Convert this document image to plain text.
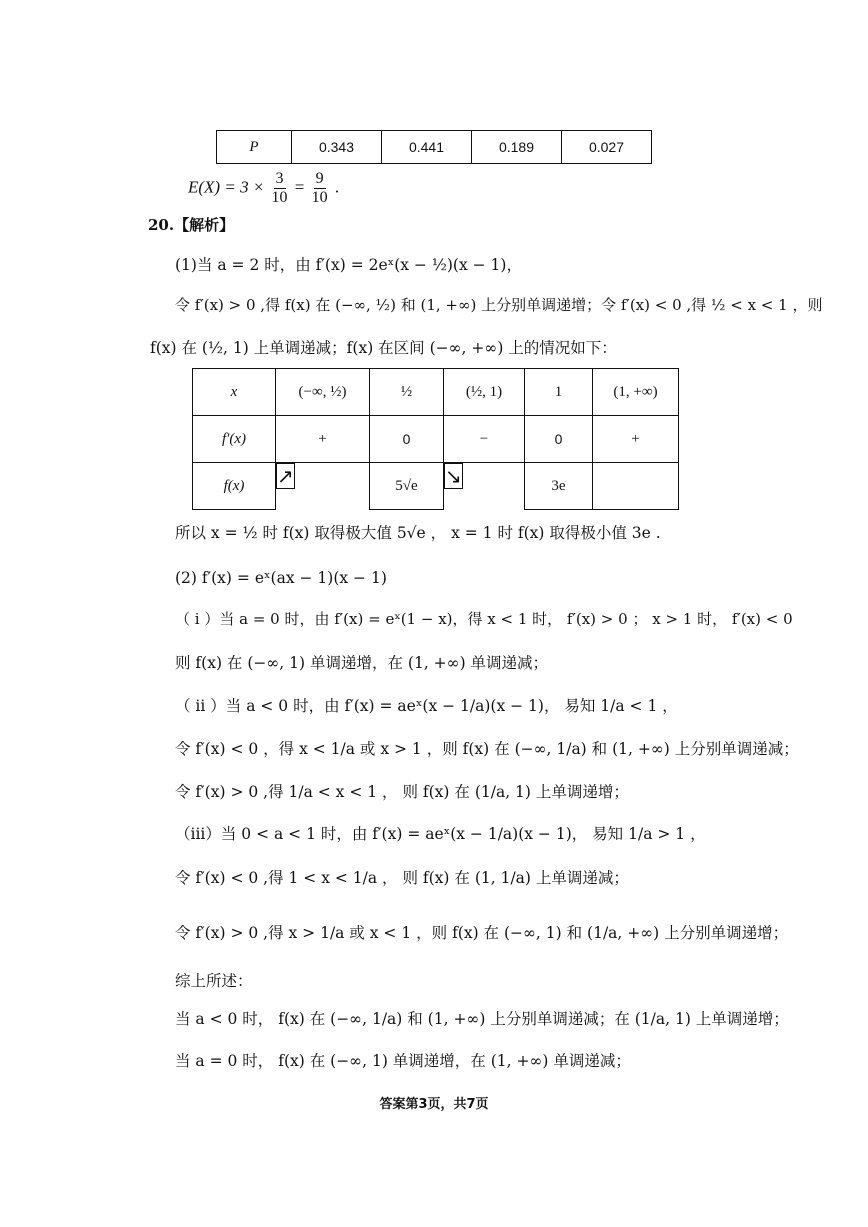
P	0.343	0.441	0.189	0.027
$E(X) = 3 \times \frac{3}{10} = \frac{9}{10}$ .
20.【解析】
(1)当 a = 2 时，由 f′(x) = 2eˣ(x − ½)(x − 1)，
令 f′(x) > 0 ,得 f(x) 在 (−∞, ½) 和 (1, +∞) 上分别单调递增；令 f′(x) < 0 ,得 ½ < x < 1 ，则
f(x) 在 (½, 1) 上单调递减；f(x) 在区间 (−∞, +∞) 上的情况如下：
x	(−∞, ½)	½	(½, 1)	1	(1, +∞)
f′(x)	+	0	−	0	+
f(x)	↗	5√e	↘	3e	
所以 x = ½ 时 f(x) 取得极大值 5√e ， x = 1 时 f(x) 取得极小值 3e .
(2) f′(x) = eˣ(ax − 1)(x − 1)
（ i ）当 a = 0 时，由 f′(x) = eˣ(1 − x)，得 x < 1 时， f′(x) > 0 ； x > 1 时， f′(x) < 0
则 f(x) 在 (−∞, 1) 单调递增，在 (1, +∞) 单调递减；
（ ii ）当 a < 0 时，由 f′(x) = aeˣ(x − 1/a)(x − 1)， 易知 1/a < 1 ，
令 f′(x) < 0 ，得 x < 1/a 或 x > 1 ，则 f(x) 在 (−∞, 1/a) 和 (1, +∞) 上分别单调递减；
令 f′(x) > 0 ,得 1/a < x < 1 ， 则 f(x) 在 (1/a, 1) 上单调递增；
（iii）当 0 < a < 1 时，由 f′(x) = aeˣ(x − 1/a)(x − 1)， 易知 1/a > 1 ，
令 f′(x) < 0 ,得 1 < x < 1/a ， 则 f(x) 在 (1, 1/a) 上单调递减；
令 f′(x) > 0 ,得 x > 1/a 或 x < 1 ，则 f(x) 在 (−∞, 1) 和 (1/a, +∞) 上分别单调递增；
综上所述：
当 a < 0 时， f(x) 在 (−∞, 1/a) 和 (1, +∞) 上分别单调递减；在 (1/a, 1) 上单调递增；
当 a = 0 时， f(x) 在 (−∞, 1) 单调递增，在 (1, +∞) 单调递减；
答案第3页，共7页
